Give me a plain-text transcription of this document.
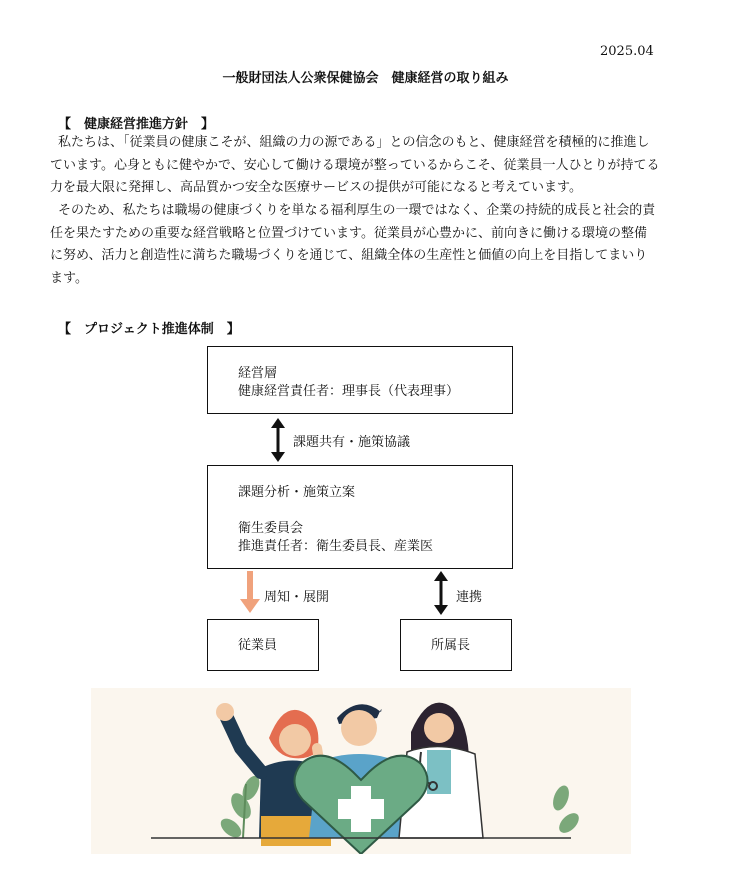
2025.04
一般財団法人公衆保健協会　健康経営の取り組み
【　健康経営推進方針　】
私たちは、「従業員の健康こそが、組織の力の源である」との信念のもと、健康経営を積極的に推進し
ています。心身ともに健やかで、安心して働ける環境が整っているからこそ、従業員一人ひとりが持てる
力を最大限に発揮し、高品質かつ安全な医療サービスの提供が可能になると考えています。
そのため、私たちは職場の健康づくりを単なる福利厚生の一環ではなく、企業の持続的成長と社会的責
任を果たすための重要な経営戦略と位置づけています。従業員が心豊かに、前向きに働ける環境の整備
に努め、活力と創造性に満ちた職場づくりを通じて、組織全体の生産性と価値の向上を目指してまいり
ます。
【　プロジェクト推進体制　】
経営層
健康経営責任者：理事長（代表理事）
課題共有・施策協議
課題分析・施策立案
衛生委員会
推進責任者：衛生委員長、産業医
周知・展開	連携
従業員	所属長
